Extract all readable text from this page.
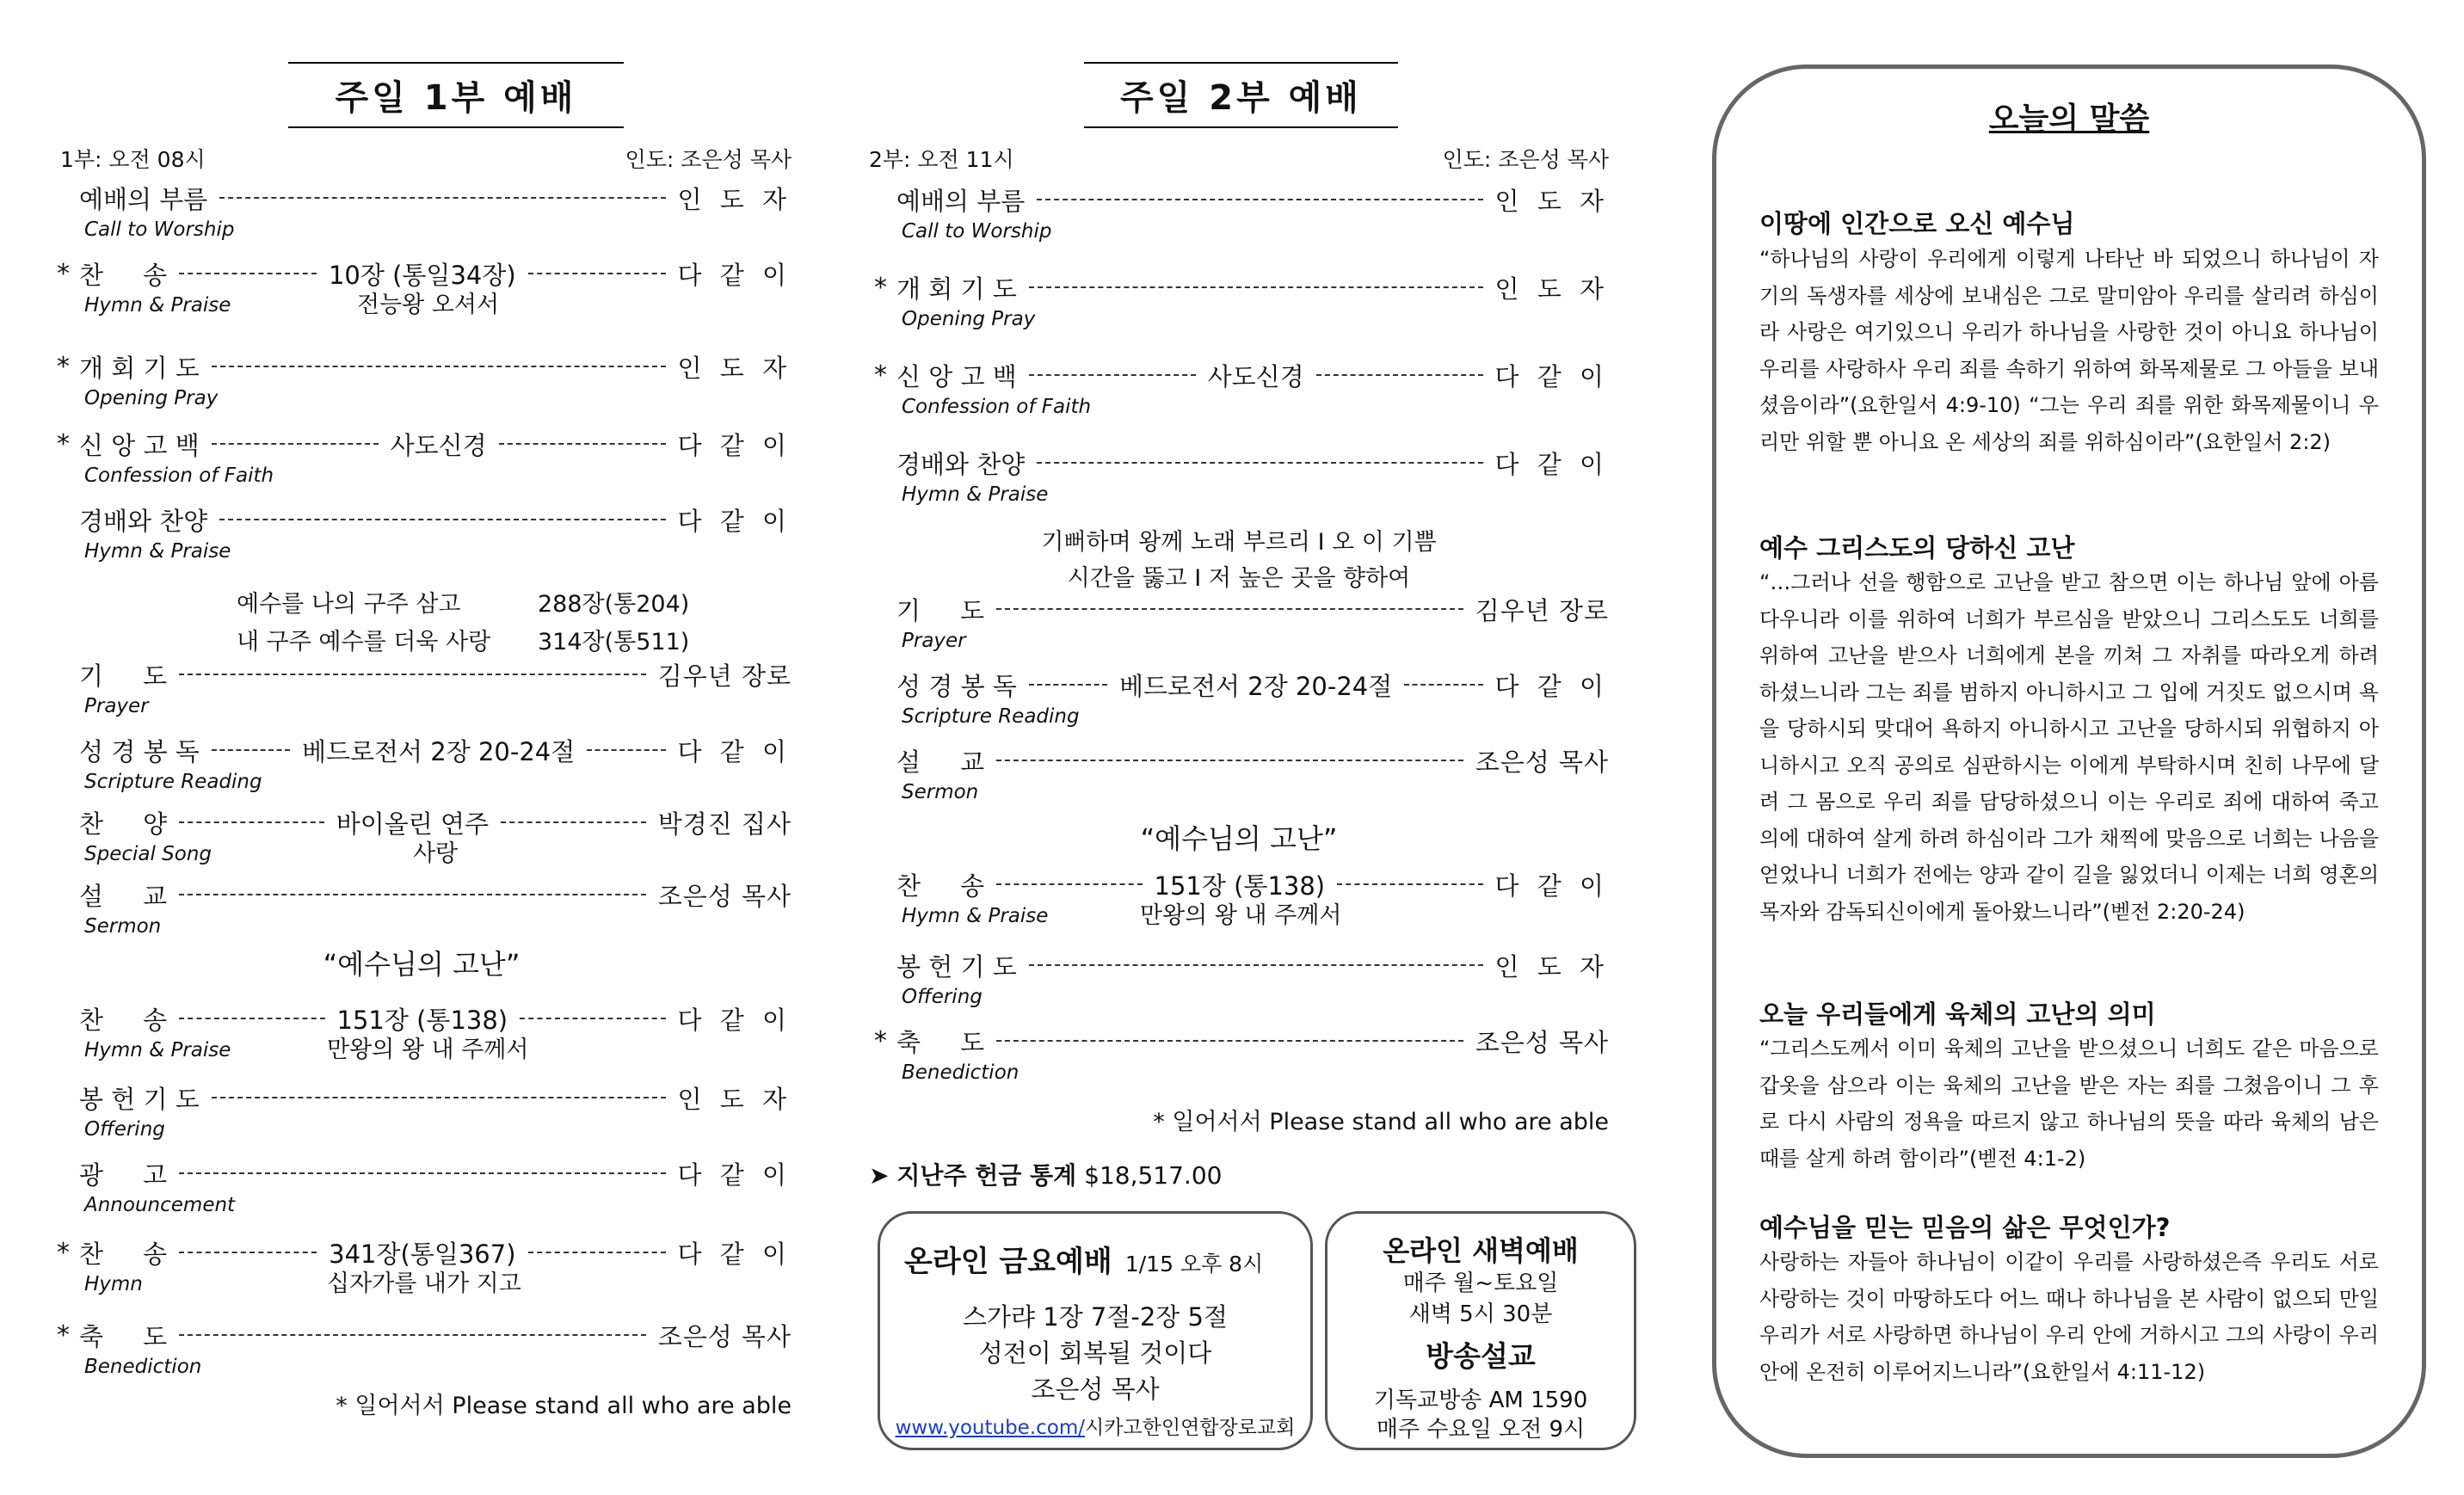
주일 1부 예배
1부: 오전 08시	인도: 조은성 목사
예배의 부름	인 도 자
Call to Worship
* 찬     송	10장 (통일34장)	다 같 이
Hymn & Praise	전능왕 오셔서
* 개 회 기 도	인 도 자
Opening Pray
* 신 앙 고 백	사도신경	다 같 이
Confession of Faith
경배와 찬양	다 같 이
Hymn & Praise
기     도	김우년 장로
Prayer
성 경 봉 독	베드로전서 2장 20-24절	다 같 이
Scripture Reading
찬     양	바이올린 연주	박경진 집사
Special Song	사랑
설     교	조은성 목사
Sermon
찬     송	151장 (통138)	다 같 이
Hymn & Praise	만왕의 왕 내 주께서
봉 헌 기 도	인 도 자
Offering
광     고	다 같 이
Announcement
* 찬     송	341장(통일367)	다 같 이
Hymn	십자가를 내가 지고
* 축     도	조은성 목사
Benediction
예수를 나의 구주 삼고	288장(통204)
내 구주 예수를 더욱 사랑 314장(통511)
“예수님의 고난”
* 일어서서 Please stand all who are able
주일 2부 예배
2부: 오전 11시	인도: 조은성 목사
예배의 부름	인 도 자
Call to Worship
* 개 회 기 도	인 도 자
Opening Pray
* 신 앙 고 백	사도신경	다 같 이
Confession of Faith
경배와 찬양	다 같 이
Hymn & Praise
기     도	김우년 장로
Prayer
성 경 봉 독	베드로전서 2장 20-24절	다 같 이
Scripture Reading
설     교	조은성 목사
Sermon
찬     송	151장 (통138)	다 같 이
Hymn & Praise	만왕의 왕 내 주께서
봉 헌 기 도	인 도 자
Offering
* 축     도	조은성 목사
Benediction
기뻐하며 왕께 노래 부르리 I 오 이 기쁨
시간을 뚫고 I 저 높은 곳을 향하여
“예수님의 고난”
* 일어서서 Please stand all who are able
➤ 지난주 헌금 통계 $18,517.00
온라인 금요예배 1/15 오후 8시
스가랴 1장 7절-2장 5절
성전이 회복될 것이다
조은성 목사
www.youtube.com/시카고한인연합장로교회
온라인 새벽예배
매주 월~토요일
새벽 5시 30분
방송설교
기독교방송 AM 1590
매주 수요일 오전 9시
오늘의 말씀
이땅에 인간으로 오신 예수님
“하나님의 사랑이 우리에게 이렇게 나타난 바 되었으니 하나님이 자기의 독생자를 세상에 보내심은 그로 말미암아 우리를 살리려 하심이라 사랑은 여기있으니 우리가 하나님을 사랑한 것이 아니요 하나님이 우리를 사랑하사 우리 죄를 속하기 위하여 화목제물로 그 아들을 보내셨음이라”(요한일서 4:9-10) “그는 우리 죄를 위한 화목제물이니 우리만 위할 뿐 아니요 온 세상의 죄를 위하심이라”(요한일서 2:2)
예수 그리스도의 당하신 고난
“…그러나 선을 행함으로 고난을 받고 참으면 이는 하나님 앞에 아름다우니라 이를 위하여 너희가 부르심을 받았으니 그리스도도 너희를 위하여 고난을 받으사 너희에게 본을 끼쳐 그 자취를 따라오게 하려 하셨느니라 그는 죄를 범하지 아니하시고 그 입에 거짓도 없으시며 욕을 당하시되 맞대어 욕하지 아니하시고 고난을 당하시되 위협하지 아니하시고 오직 공의로 심판하시는 이에게 부탁하시며 친히 나무에 달려 그 몸으로 우리 죄를 담당하셨으니 이는 우리로 죄에 대하여 죽고 의에 대하여 살게 하려 하심이라 그가 채찍에 맞음으로 너희는 나음을 얻었나니 너희가 전에는 양과 같이 길을 잃었더니 이제는 너희 영혼의 목자와 감독되신이에게 돌아왔느니라”(벧전 2:20-24)
오늘 우리들에게 육체의 고난의 의미
“그리스도께서 이미 육체의 고난을 받으셨으니 너희도 같은 마음으로 갑옷을 삼으라 이는 육체의 고난을 받은 자는 죄를 그쳤음이니 그 후로 다시 사람의 정욕을 따르지 않고 하나님의 뜻을 따라 육체의 남은 때를 살게 하려 함이라”(벧전 4:1-2)
예수님을 믿는 믿음의 삶은 무엇인가?
사랑하는 자들아 하나님이 이같이 우리를 사랑하셨은즉 우리도 서로 사랑하는 것이 마땅하도다 어느 때나 하나님을 본 사람이 없으되 만일 우리가 서로 사랑하면 하나님이 우리 안에 거하시고 그의 사랑이 우리 안에 온전히 이루어지느니라”(요한일서 4:11-12)
